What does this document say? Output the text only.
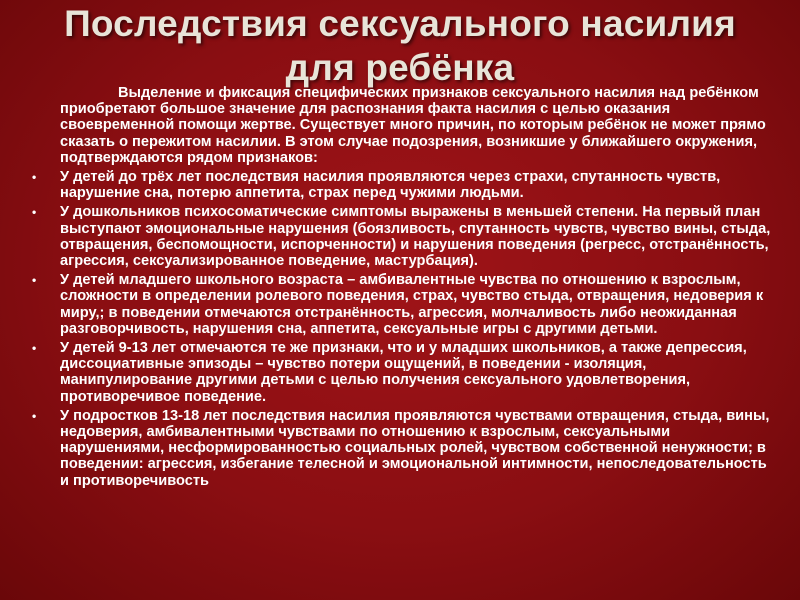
Последствия сексуального насилия
для ребёнка
Выделение и фиксация специфических признаков сексуального насилия над ребёнком приобретают большое значение для распознания факта насилия с целью оказания своевременной помощи жертве. Существует много причин, по которым ребёнок не может прямо сказать о пережитом насилии. В этом случае подозрения, возникшие у ближайшего окружения, подтверждаются рядом признаков:
• У детей до трёх лет последствия насилия проявляются через страхи, спутанность чувств, нарушение сна, потерю аппетита, страх перед чужими людьми.
• У дошкольников психосоматические симптомы выражены в меньшей степени. На первый план выступают эмоциональные нарушения (боязливость, спутанность чувств, чувство вины, стыда, отвращения, беспомощности, испорченности) и нарушения поведения (регресс, отстранённость, агрессия, сексуализированное поведение, мастурбация).
• У детей младшего школьного возраста – амбивалентные чувства по отношению к взрослым, сложности в определении ролевого поведения, страх, чувство стыда, отвращения, недоверия к миру,; в поведении отмечаются отстранённость, агрессия, молчаливость либо неожиданная разговорчивость, нарушения сна, аппетита, сексуальные игры с другими детьми.
• У детей 9-13 лет отмечаются те же признаки, что и у младших школьников, а также депрессия, диссоциативные эпизоды – чувство потери ощущений, в поведении - изоляция, манипулирование другими детьми с целью получения сексуального удовлетворения, противоречивое поведение.
• У подростков 13-18 лет последствия насилия проявляются чувствами отвращения, стыда, вины, недоверия, амбивалентными чувствами по отношению к взрослым, сексуальными нарушениями, несформированностью социальных ролей, чувством собственной ненужности; в поведении: агрессия, избегание телесной и эмоциональной интимности, непоследовательность и противоречивость
